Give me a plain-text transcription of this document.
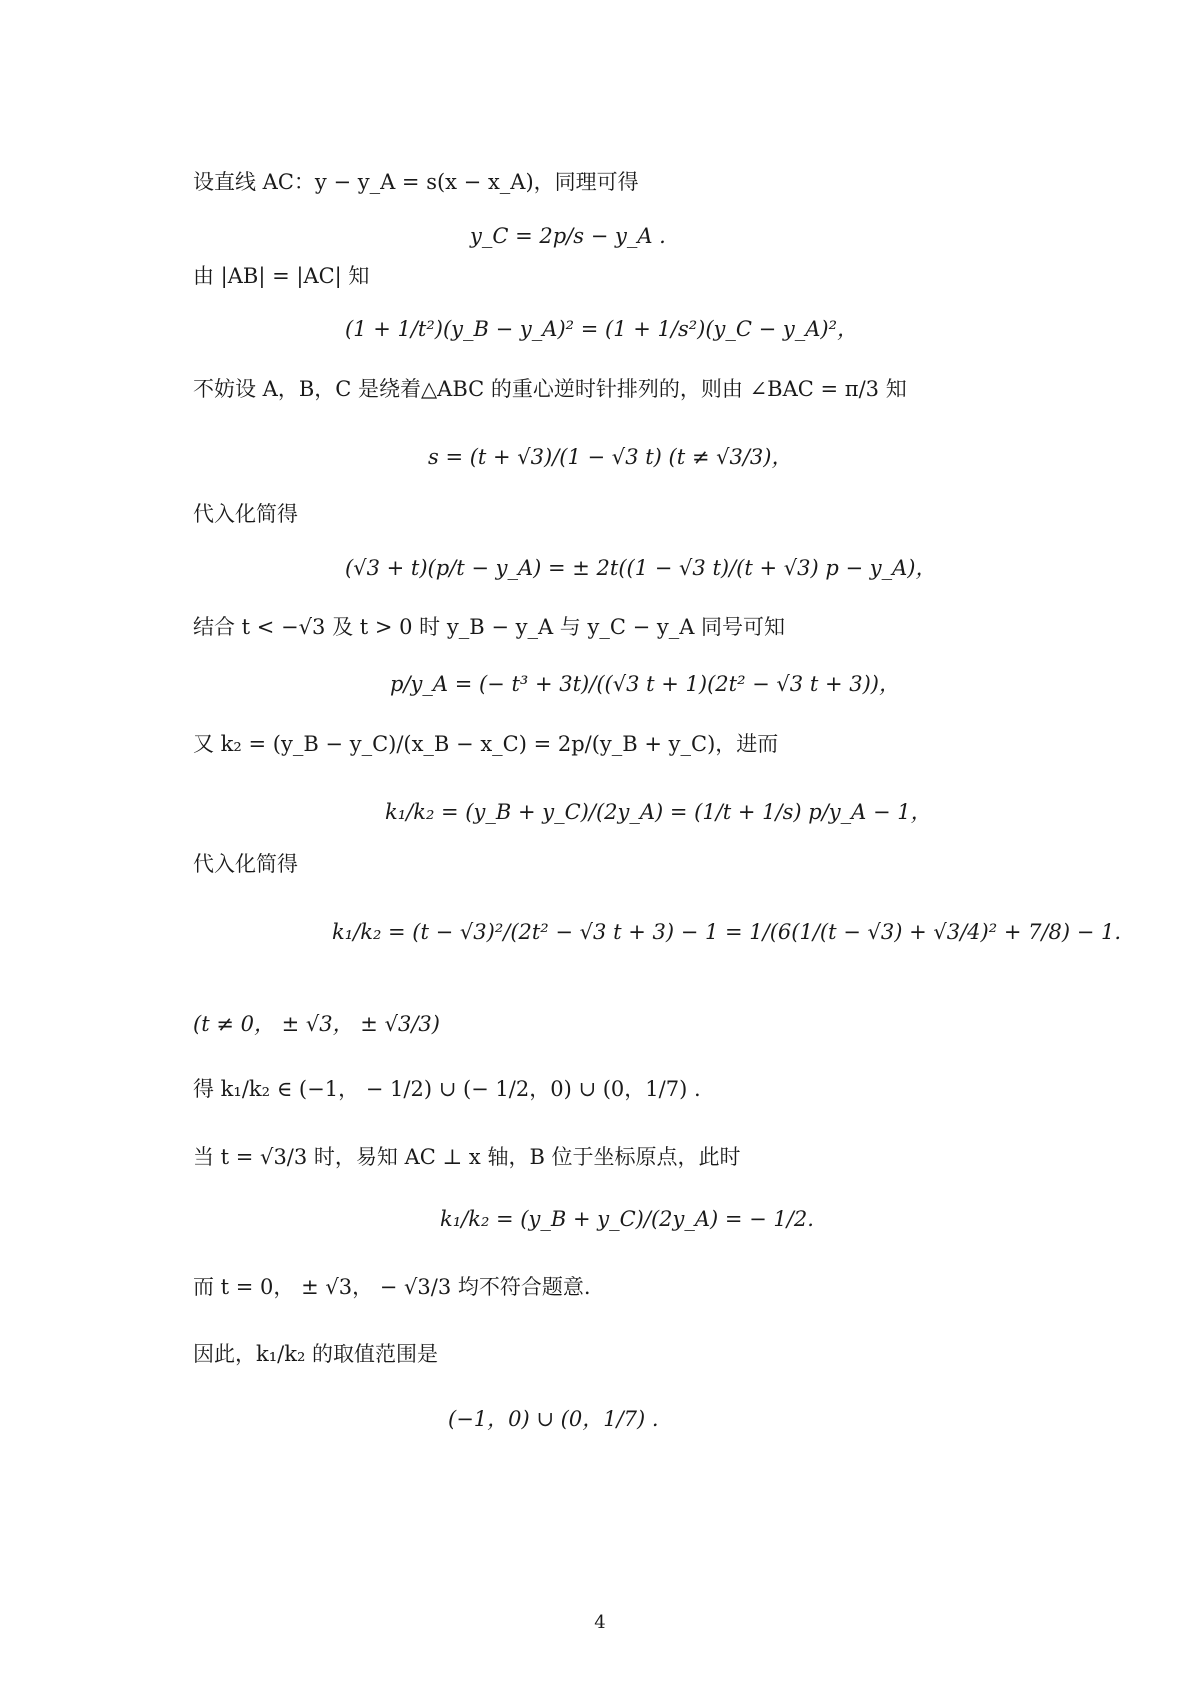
设直线 AC：y − y_A = s(x − x_A)，同理可得
y_C = 2p/s − y_A .
由 |AB| = |AC| 知
(1 + 1/t²)(y_B − y_A)² = (1 + 1/s²)(y_C − y_A)²，
不妨设 A，B，C 是绕着△ABC 的重心逆时针排列的，则由 ∠BAC = π/3 知
s = (t + √3)/(1 − √3 t) (t ≠ √3/3)，
代入化简得
(√3 + t)(p/t − y_A) = ± 2t((1 − √3 t)/(t + √3) p − y_A)，
结合 t < −√3 及 t > 0 时 y_B − y_A 与 y_C − y_A 同号可知
p/y_A = (− t³ + 3t)/((√3 t + 1)(2t² − √3 t + 3))，
又 k₂ = (y_B − y_C)/(x_B − x_C) = 2p/(y_B + y_C)，进而
k₁/k₂ = (y_B + y_C)/(2y_A) = (1/t + 1/s) p/y_A − 1，
代入化简得
k₁/k₂ = (t − √3)²/(2t² − √3 t + 3) − 1 = 1/(6(1/(t − √3) + √3/4)² + 7/8) − 1.
(t ≠ 0， ± √3， ± √3/3)
得 k₁/k₂ ∈ (−1， − 1/2) ∪ (− 1/2，0) ∪ (0，1/7) .
当 t = √3/3 时，易知 AC ⊥ x 轴，B 位于坐标原点，此时
k₁/k₂ = (y_B + y_C)/(2y_A) = − 1/2.
而 t = 0， ± √3， − √3/3 均不符合题意.
因此，k₁/k₂ 的取值范围是
(−1，0) ∪ (0，1/7) .
4
